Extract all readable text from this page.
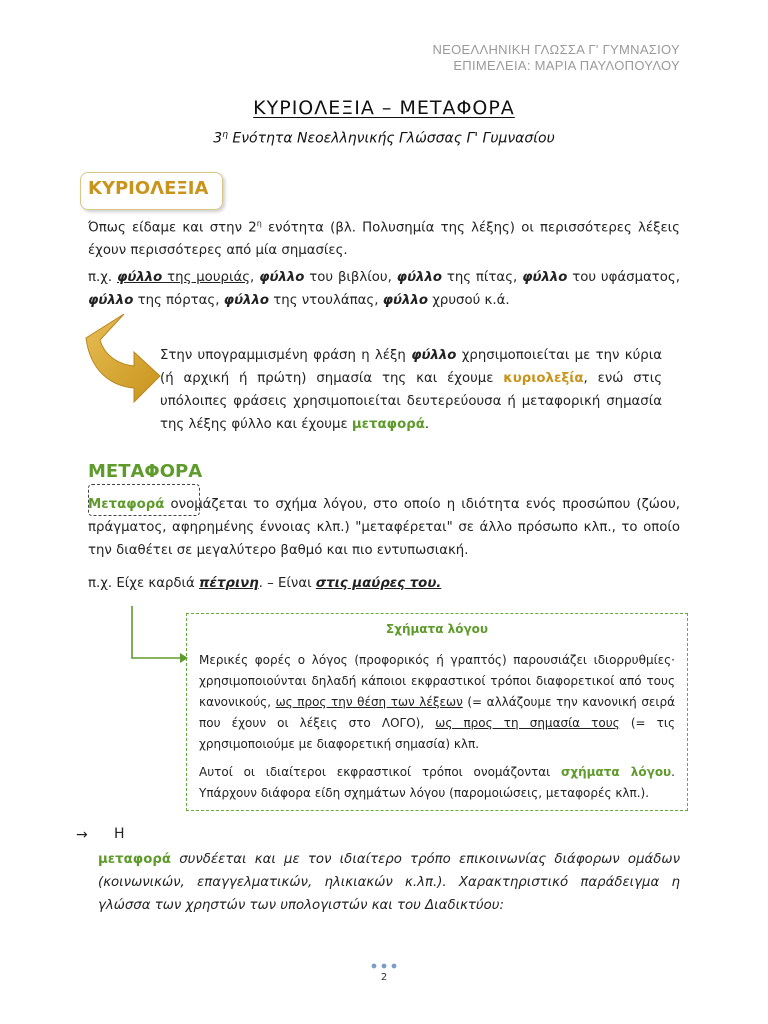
ΝΕΟΕΛΛΗΝΙΚΗ ΓΛΩΣΣΑ Γ' ΓΥΜΝΑΣΙΟΥ
ΕΠΙΜΕΛΕΙΑ: ΜΑΡΙΑ ΠΑΥΛΟΠΟΥΛΟΥ
ΚΥΡΙΟΛΕΞΙΑ – ΜΕΤΑΦΟΡΑ
$3^\eta$ Ενότητα Νεοελληνικής Γλώσσας Γ' Γυμνασίου
ΚΥΡΙΟΛΕΞΙΑ
Όπως είδαμε και στην $2^\eta$ ενότητα (βλ. Πολυσημία της λέξης) οι περισσότερες λέξεις έχουν περισσότερες από μία σημασίες.
π.χ. φύλλο της μουριάς, φύλλο του βιβλίου, φύλλο της πίτας, φύλλο του υφάσματος, φύλλο της πόρτας, φύλλο της ντουλάπας, φύλλο χρυσού κ.ά.
Στην υπογραμμισμένη φράση η λέξη φύλλο χρησιμοποιείται με την κύρια (ή αρχική ή πρώτη) σημασία της και έχουμε κυριολεξία, ενώ στις υπόλοιπες φράσεις χρησιμοποιείται δευτερεύουσα ή μεταφορική σημασία της λέξης φύλλο και έχουμε μεταφορά.
ΜΕΤΑΦΟΡΑ
Μεταφορά ονομάζεται το σχήμα λόγου, στο οποίο η ιδιότητα ενός προσώπου (ζώου, πράγματος, αφηρημένης έννοιας κλπ.) "μεταφέρεται" σε άλλο πρόσωπο κλπ., το οποίο την διαθέτει σε μεγαλύτερο βαθμό και πιο εντυπωσιακή.
π.χ. Είχε καρδιά πέτρινη. – Είναι στις μαύρες του.
Σχήματα λόγου
Μερικές φορές ο λόγος (προφορικός ή γραπτός) παρουσιάζει ιδιορρυθμίες· χρησιμοποιούνται δηλαδή κάποιοι εκφραστικοί τρόποι διαφορετικοί από τους κανονικούς, ως προς την θέση των λέξεων (= αλλάζουμε την κανονική σειρά που έχουν οι λέξεις στο ΛΟΓΟ), ως προς τη σημασία τους (= τις χρησιμοποιούμε με διαφορετική σημασία) κλπ.
Αυτοί οι ιδιαίτεροι εκφραστικοί τρόποι ονομάζονται σχήματα λόγου. Υπάρχουν διάφορα είδη σχημάτων λόγου (παρομοιώσεις, μεταφορές κλπ.).
→ Η
μεταφορά συνδέεται και με τον ιδιαίτερο τρόπο επικοινωνίας διάφορων ομάδων (κοινωνικών, επαγγελματικών, ηλικιακών κ.λπ.). Χαρακτηριστικό παράδειγμα η γλώσσα των χρηστών των υπολογιστών και του Διαδικτύου:
2
